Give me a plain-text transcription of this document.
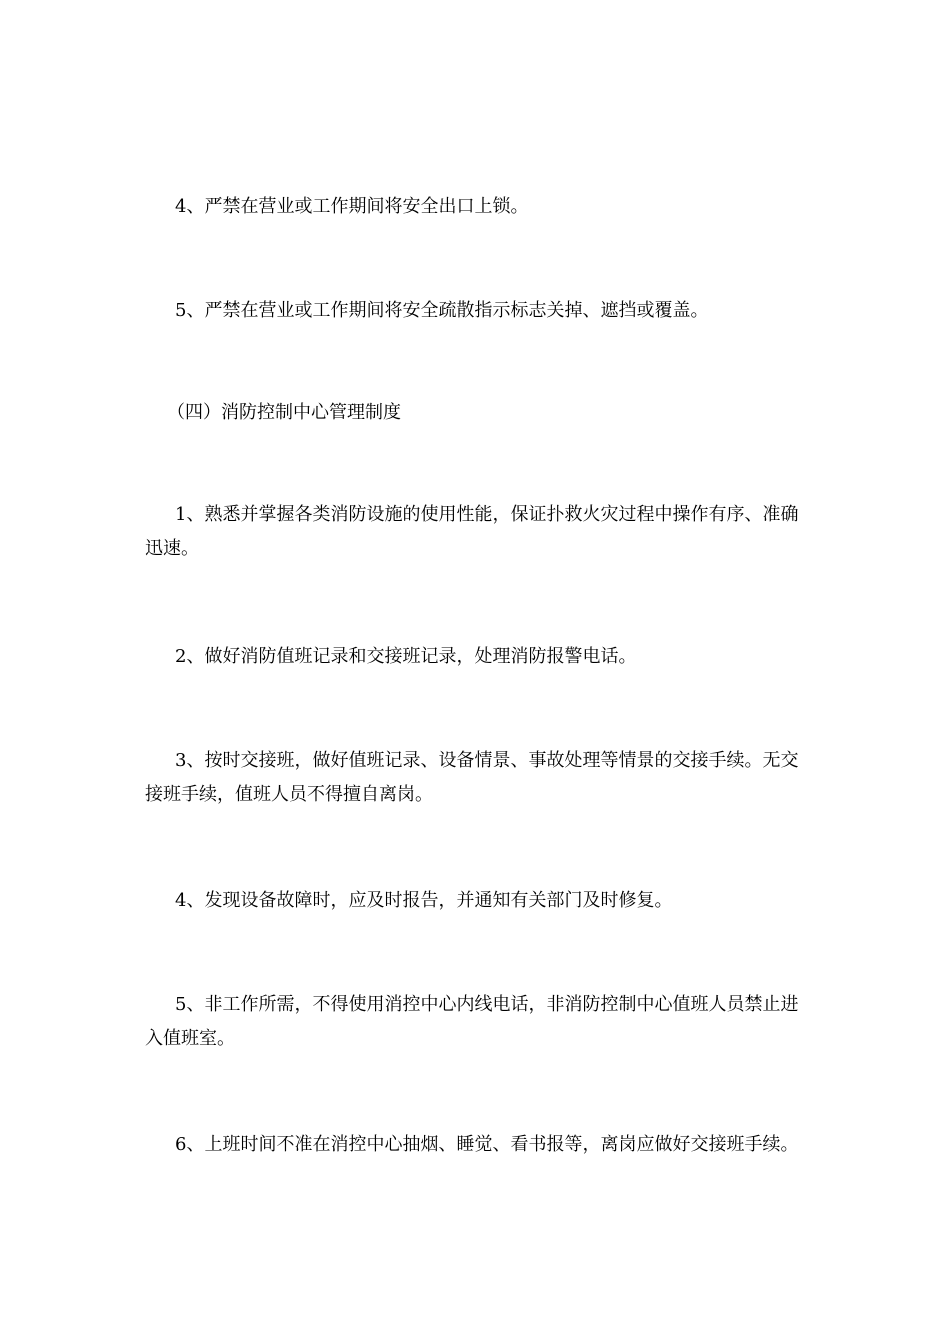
4、严禁在营业或工作期间将安全出口上锁。

5、严禁在营业或工作期间将安全疏散指示标志关掉、遮挡或覆盖。

（四）消防控制中心管理制度

1、熟悉并掌握各类消防设施的使用性能，保证扑救火灾过程中操作有序、准确迅速。

2、做好消防值班记录和交接班记录，处理消防报警电话。

3、按时交接班，做好值班记录、设备情景、事故处理等情景的交接手续。无交接班手续，值班人员不得擅自离岗。

4、发现设备故障时，应及时报告，并通知有关部门及时修复。

5、非工作所需，不得使用消控中心内线电话，非消防控制中心值班人员禁止进入值班室。

6、上班时间不准在消控中心抽烟、睡觉、看书报等，离岗应做好交接班手续。
